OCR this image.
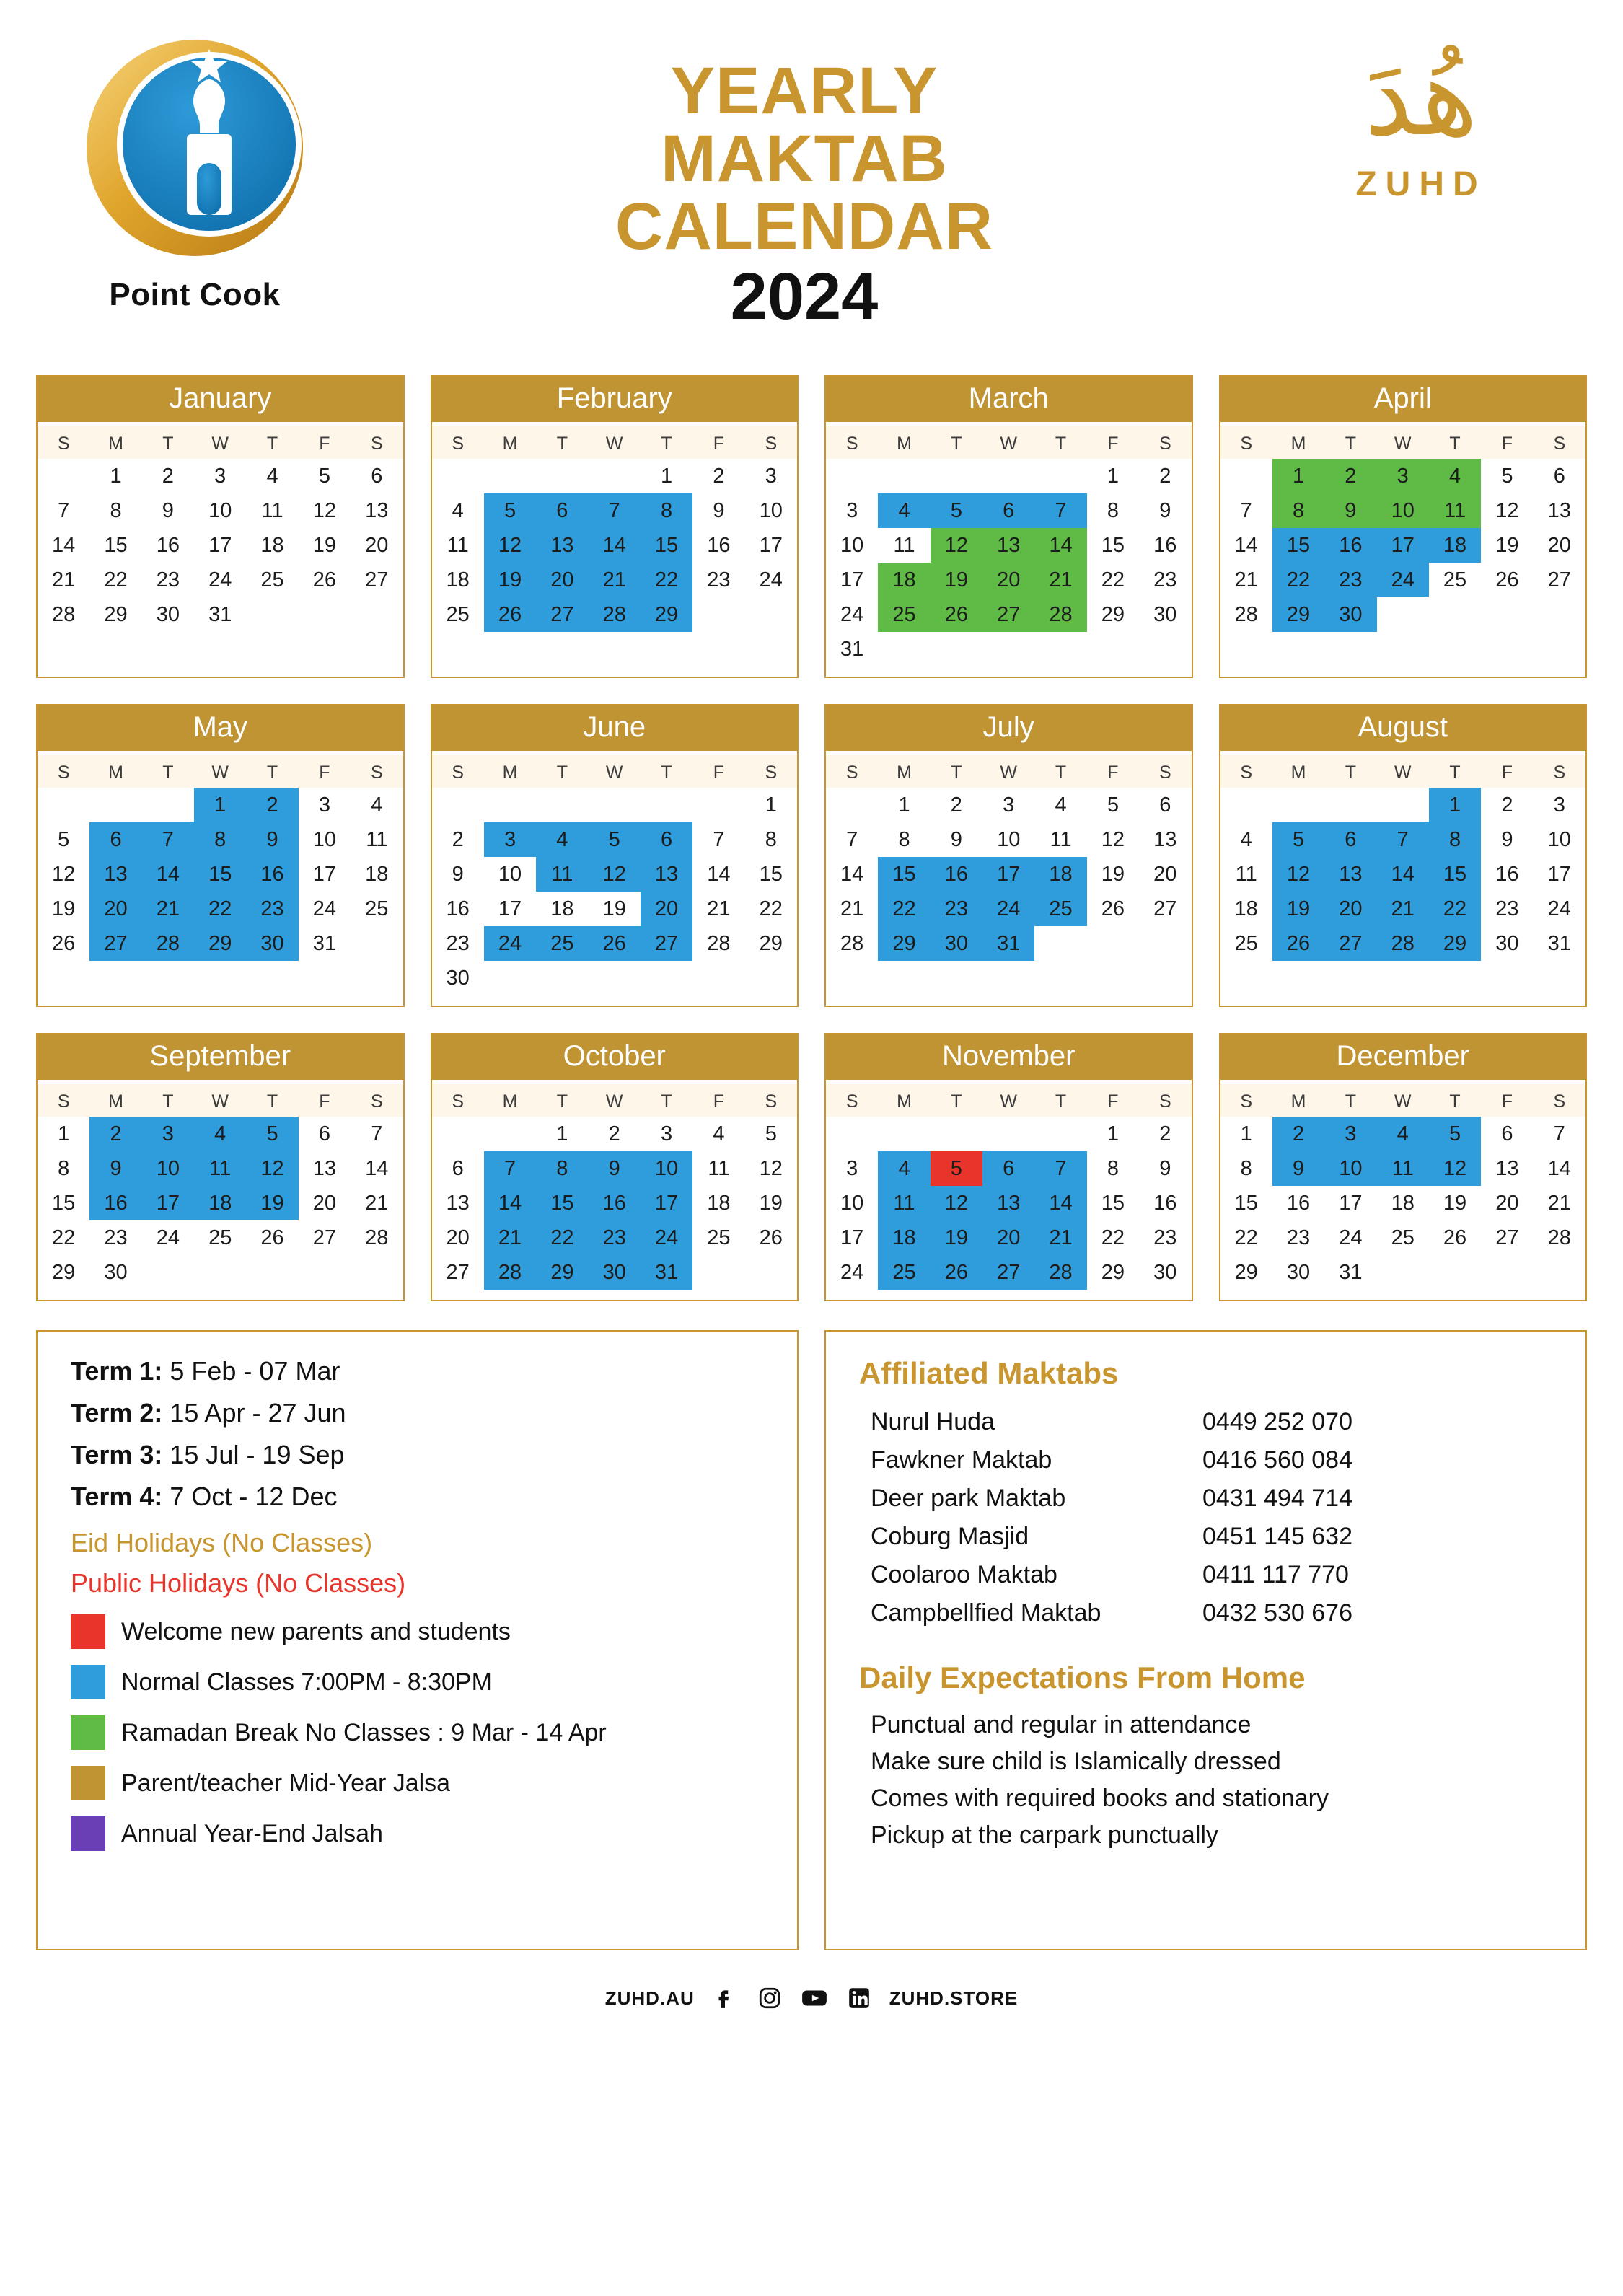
Point Cook
YEARLY
MAKTAB
CALENDAR
2024
هُدَ
ZUHD
January
S	M	T	W	T	F	S
	1	2	3	4	5	6
7	8	9	10	11	12	13
14	15	16	17	18	19	20
21	22	23	24	25	26	27
28	29	30	31			
February
S	M	T	W	T	F	S
				1	2	3
4	5	6	7	8	9	10
11	12	13	14	15	16	17
18	19	20	21	22	23	24
25	26	27	28	29		
March
S	M	T	W	T	F	S
					1	2
3	4	5	6	7	8	9
10	11	12	13	14	15	16
17	18	19	20	21	22	23
24	25	26	27	28	29	30
31						
April
S	M	T	W	T	F	S
	1	2	3	4	5	6
7	8	9	10	11	12	13
14	15	16	17	18	19	20
21	22	23	24	25	26	27
28	29	30				
May
S	M	T	W	T	F	S
			1	2	3	4
5	6	7	8	9	10	11
12	13	14	15	16	17	18
19	20	21	22	23	24	25
26	27	28	29	30	31	
June
S	M	T	W	T	F	S
						1
2	3	4	5	6	7	8
9	10	11	12	13	14	15
16	17	18	19	20	21	22
23	24	25	26	27	28	29
30						
July
S	M	T	W	T	F	S
	1	2	3	4	5	6
7	8	9	10	11	12	13
14	15	16	17	18	19	20
21	22	23	24	25	26	27
28	29	30	31			
August
S	M	T	W	T	F	S
				1	2	3
4	5	6	7	8	9	10
11	12	13	14	15	16	17
18	19	20	21	22	23	24
25	26	27	28	29	30	31
September
S	M	T	W	T	F	S
1	2	3	4	5	6	7
8	9	10	11	12	13	14
15	16	17	18	19	20	21
22	23	24	25	26	27	28
29	30					
October
S	M	T	W	T	F	S
		1	2	3	4	5
6	7	8	9	10	11	12
13	14	15	16	17	18	19
20	21	22	23	24	25	26
27	28	29	30	31		
November
S	M	T	W	T	F	S
					1	2
3	4	5	6	7	8	9
10	11	12	13	14	15	16
17	18	19	20	21	22	23
24	25	26	27	28	29	30
December
S	M	T	W	T	F	S
1	2	3	4	5	6	7
8	9	10	11	12	13	14
15	16	17	18	19	20	21
22	23	24	25	26	27	28
29	30	31				
Term 1: 5 Feb - 07 Mar
Term 2: 15 Apr - 27 Jun
Term 3: 15 Jul - 19 Sep
Term 4: 7 Oct - 12 Dec
Eid Holidays (No Classes)
Public Holidays (No Classes)
Welcome new parents and students
Normal Classes 7:00PM - 8:30PM
Ramadan Break No Classes : 9 Mar - 14 Apr
Parent/teacher Mid-Year Jalsa
Annual Year-End Jalsah
Affiliated Maktabs
Nurul Huda	0449 252 070
Fawkner Maktab	0416 560 084
Deer park Maktab	0431 494 714
Coburg Masjid	0451 145 632
Coolaroo Maktab	0411 117 770
Campbellfied Maktab	0432 530 676
Daily Expectations From Home
Punctual and regular in attendance
Make sure child is Islamically dressed
Comes with required books and stationary
Pickup at the carpark punctually
ZUHD.AU	ZUHD.STORE
